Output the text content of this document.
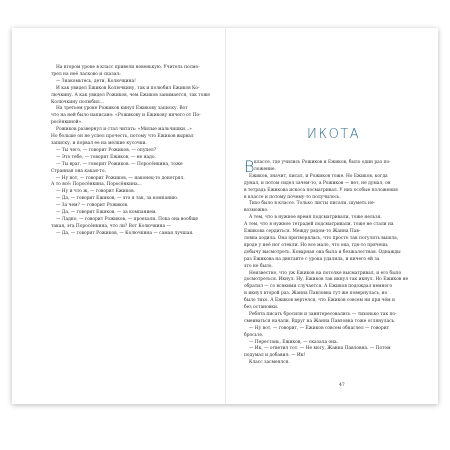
На втором уроке в класс привели новенькую. Учитель посмо-
трел на неё ласково и сказал:
— Знакомьтесь, дети, Колючкина!
И как увидел Ежиков Колючкину, так и полюбил Ежиков Ко-
лючкину. А как увидел Рожиков, чем Ежиков занимается, так тоже
Колючкину полюбил...
На третьем уроке Рожиков кинул Ежикову записку. Вот
что на ней было написано: «Рожикову и Ежикову ничего от По-
росёнкиной».
Рожиков развернул и стал читать: «Милые мальчишки...»
Но больше он не успел прочесть, потому что Ежиков вырвал
записку, и порвал ее на мелкие кусочки.
— Ты чего, — говорит Рожиков, — опупел?
— Это тебе, — говорит Ежиков, — не надо.
— Ты враг, — говорит Рожиков. — Поросёнкина, тоже
Странная она какая-то.
— Ну вот, — говорит Рожиков, — наконец-то донетрял.
А то всё: Поросёнкина, Поросёнкина...
— Ну и что ж, — говорит Ежиков.
— Да, — говорит Ежиков, — это я так, за компанию.
— За чем? — говорит Рожиков.
— Да, — говорит Ежиков, — за компанием.
— Ладно, — говорит Рожиков, — проехали. Пока она вообще
такая, эта Поросёнкина, что ли? Вот Колючкина —
— Да, — говорит Рожиков, — Колючкина — самая лучшая.
ИКОТА
В классе, где учились Рожиков и Ежиков, было один раз по-
ложение.
Ежиков, значит, писал, и Рожиков тоже. Но Ежиков, когда
думал, и потом сидел зачем-то, а Рожиков — нет, не думал, он
в тетрадь Ежикова искоса посматривал. У них особые положения
в классе и потому почему-то получилось.
Тихо было в классе. Только листы писали, шуметь не-
возможно.
А тем, что в нужное время подсматривали, тоже нельзя.
А тем, что в нужное тетрадей подсматривали, тоже не стали на
Ежикова сердиться. Между рядом-то Жанна Пав-
ловна ходила. Она притворялась, что просто так погулять вышла,
вроде у неё ног отекли. Но все мало, что она, где-то прячешь
добычу высмотреть. Коварная она была и безжалостная. Однажды
раз Ежикова на диктанте с урока удалила, и ничего ей за
это не было.
Неизвестно, что уж Ежиков на потолке высматривал, и его было
досмотреться. Икнул. Ну, Ежиков так икнул так икнул. Но Ежиков не
обратил — со всякими случается. А Ежиков подождал немного
и икнул второй раз. Жанна Павловна тут же повернулась, но
было тихо. А Ежиков вертелся, что Ежиков совсем ни при чём и
без остановки.
Ребята писать бросили и заинтересовались — тихонько так по-
смеиваться начали. Вдруг на Жанна Павловна тоже оглянулась.
— Ну вот, — говорит, — Ежиков совсем обнаглел — говорит
бросьте.
— Перестань, Ежиков, — сказала она.
— Ик, — ответил тот. — Не могу, Жанна Павловна. — Потом
подумал и добавил: — Ик!
Класс засмеялся.
47
